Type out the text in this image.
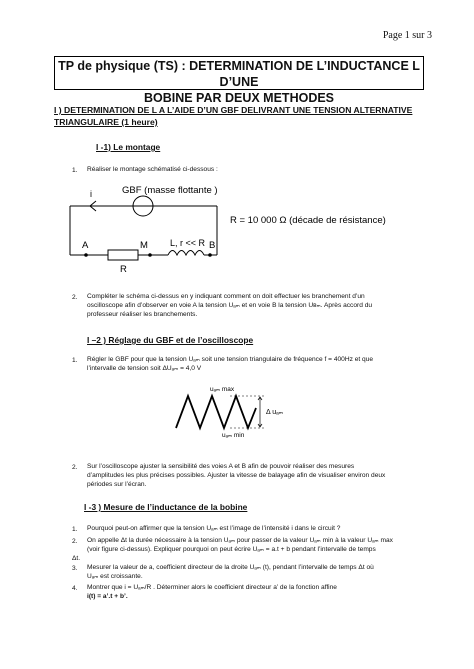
Page 1 sur 3
TP de physique (TS) : DETERMINATION DE L’INDUCTANCE L D’UNE
BOBINE PAR DEUX METHODES
I ) DETERMINATION DE L A L’AIDE D’UN GBF DELIVRANT UNE TENSION ALTERNATIVE
TRIANGULAIRE (1 heure)
I -1) Le montage
1. Réaliser le montage schématisé ci-dessous :
i	GBF (masse flottante )
R
L, r << R
A	M	B
R = 10 000 Ω (décade de résistance)
2. Compléter le schéma ci-dessus en y indiquant comment on doit effectuer les branchement d’un
oscilloscope afin d’observer en voie A la tension Uₐₘ et en voie B la tension Uʙₘ. Après accord du
professeur réaliser les branchements.
I –2 ) Réglage du GBF et de l’oscilloscope
1. Régler le GBF pour que la tension Uₐₘ soit une tension triangulaire de fréquence f = 400Hz et que
l’intervalle de tension soit ΔUₐₘ = 4,0 V
uₐₘ max
Δ uₐₘ
uₐₘ min
2. Sur l’oscilloscope ajuster la sensibilité des voies A et B afin de pouvoir réaliser des mesures
d’amplitudes les plus précises possibles. Ajuster la vitesse de balayage afin de visualiser environ deux
périodes sur l’écran.
I -3 ) Mesure de l’inductance de la bobine
1. Pourquoi peut-on affirmer que la tension Uₐₘ est l’image de l’intensité i dans le circuit ?
2. On appelle Δt la durée nécessaire à la tension Uₐₘ pour passer de la valeur Uₐₘ min à la valeur Uₐₘ max
(voir figure ci-dessus). Expliquer pourquoi on peut écrire Uₐₘ = a.t + b pendant l’intervalle de temps
Δt.
3. Mesurer la valeur de a, coefficient directeur de la droite Uₐₘ (t), pendant l’intervalle de temps Δt où
Uₐₘ est croissante.
4. Montrer que i = Uₐₘ/R . Déterminer alors le coefficient directeur a’ de la fonction affine
i(t) = a’.t + b’.
